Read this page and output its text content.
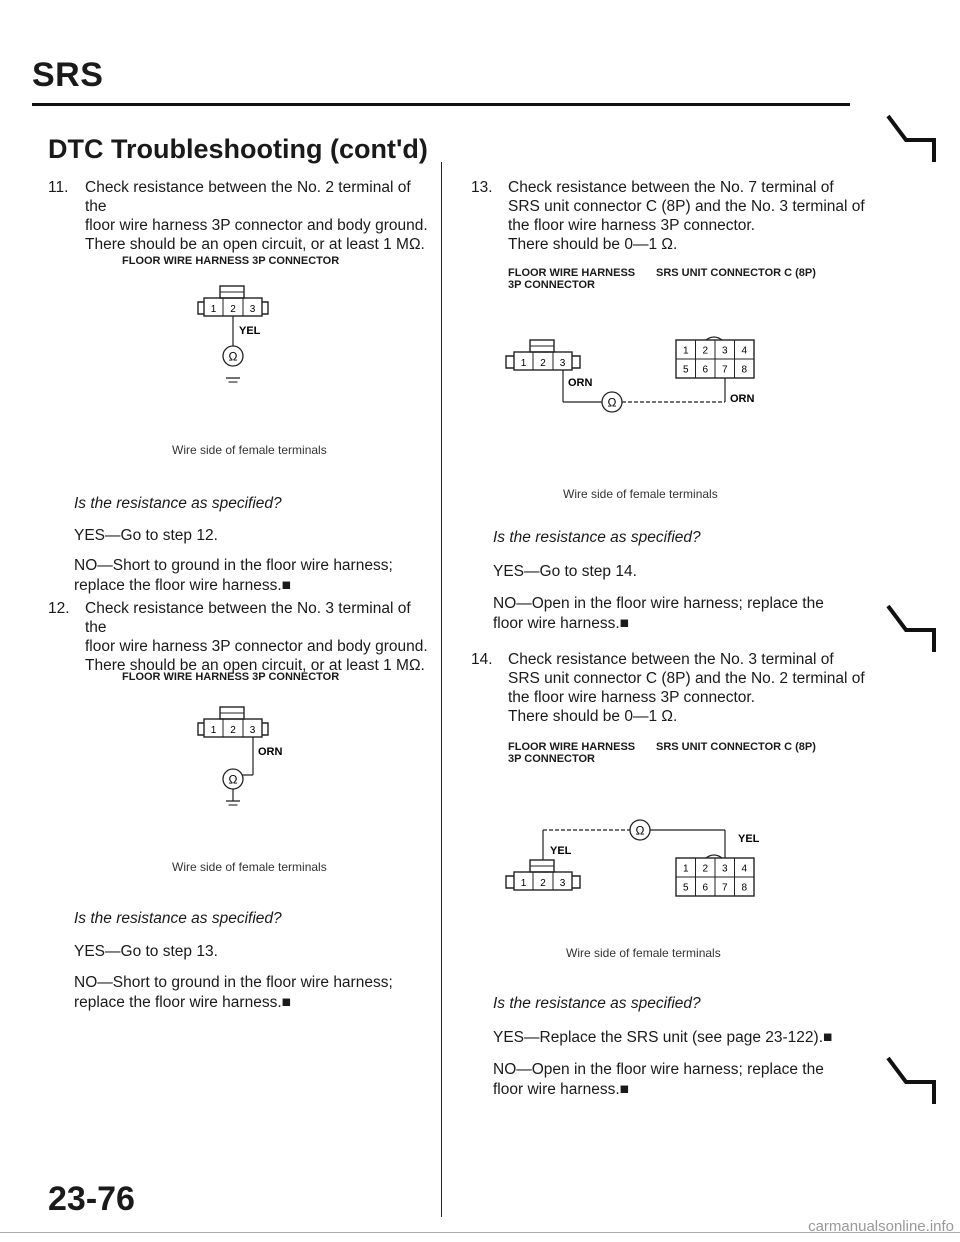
SRS
DTC Troubleshooting (cont'd)
11. Check resistance between the No. 2 terminal of the
floor wire harness 3P connector and body ground.
There should be an open circuit, or at least 1 MΩ.
FLOOR WIRE HARNESS 3P CONNECTOR
1 2 3
YEL
Ω
Wire side of female terminals
Is the resistance as specified?
YES—Go to step 12.
NO—Short to ground in the floor wire harness;
replace the floor wire harness.■
12. Check resistance between the No. 3 terminal of the
floor wire harness 3P connector and body ground.
There should be an open circuit, or at least 1 MΩ.
FLOOR WIRE HARNESS 3P CONNECTOR
1 2 3
ORN
Ω
Wire side of female terminals
Is the resistance as specified?
YES—Go to step 13.
NO—Short to ground in the floor wire harness;
replace the floor wire harness.■
13. Check resistance between the No. 7 terminal of
SRS unit connector C (8P) and the No. 3 terminal of
the floor wire harness 3P connector.
There should be 0—1 Ω.
FLOOR WIRE HARNESS
3P CONNECTOR
SRS UNIT CONNECTOR C (8P)
1 2 3
ORN
1 2 3 4
5 6 7 8
ORN
Ω
Wire side of female terminals
Is the resistance as specified?
YES—Go to step 14.
NO—Open in the floor wire harness; replace the
floor wire harness.■
14. Check resistance between the No. 3 terminal of
SRS unit connector C (8P) and the No. 2 terminal of
the floor wire harness 3P connector.
There should be 0—1 Ω.
FLOOR WIRE HARNESS
3P CONNECTOR
SRS UNIT CONNECTOR C (8P)
Ω
YEL
YEL
1 2 3
1 2 3 4
5 6 7 8
Wire side of female terminals
Is the resistance as specified?
YES—Replace the SRS unit (see page 23-122).■
NO—Open in the floor wire harness; replace the
floor wire harness.■
23-76
carmanualsonline.info
